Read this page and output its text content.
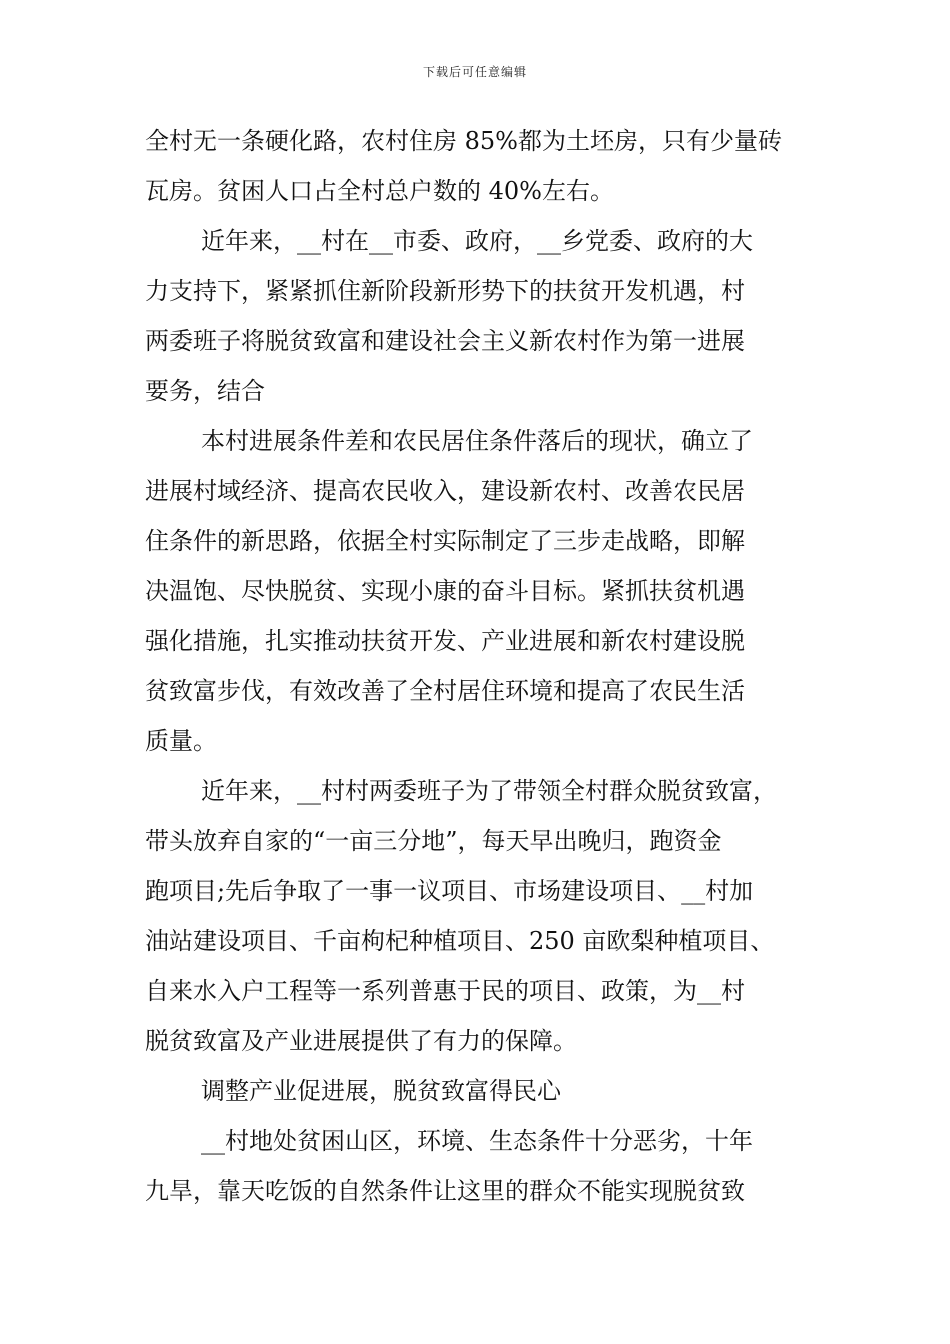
下载后可任意编辑
全村无一条硬化路，农村住房 85%都为土坯房，只有少量砖
瓦房。贫困人口占全村总户数的 40%左右。
近年来，__村在__市委、政府，__乡党委、政府的大
力支持下，紧紧抓住新阶段新形势下的扶贫开发机遇，村
两委班子将脱贫致富和建设社会主义新农村作为第一进展
要务，结合
本村进展条件差和农民居住条件落后的现状，确立了
进展村域经济、提高农民收入，建设新农村、改善农民居
住条件的新思路，依据全村实际制定了三步走战略，即解
决温饱、尽快脱贫、实现小康的奋斗目标。紧抓扶贫机遇
强化措施，扎实推动扶贫开发、产业进展和新农村建设脱
贫致富步伐，有效改善了全村居住环境和提高了农民生活
质量。
近年来，__村村两委班子为了带领全村群众脱贫致富，
带头放弃自家的“一亩三分地”，每天早出晚归，跑资金
跑项目;先后争取了一事一议项目、市场建设项目、__村加
油站建设项目、千亩枸杞种植项目、250 亩欧梨种植项目、
自来水入户工程等一系列普惠于民的项目、政策，为__村
脱贫致富及产业进展提供了有力的保障。
调整产业促进展，脱贫致富得民心
__村地处贫困山区，环境、生态条件十分恶劣，十年
九旱，靠天吃饭的自然条件让这里的群众不能实现脱贫致
